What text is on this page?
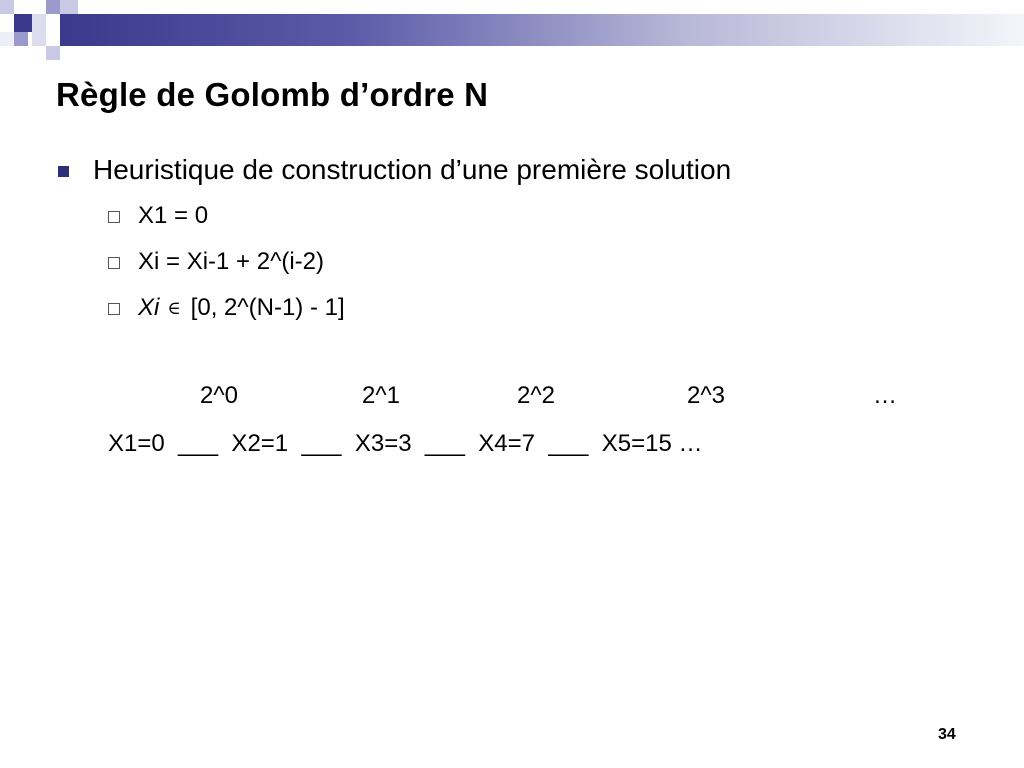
Règle de Golomb d’ordre N
Heuristique de construction d’une première solution
X1 = 0
Xi = Xi-1 + 2^(i-2)
Xi ∈ [0, 2^(N-1) - 1]
2^0	2^1	2^2	2^3	…
X1=0  ___  X2=1  ___  X3=3  ___  X4=7  ___  X5=15 …
34
